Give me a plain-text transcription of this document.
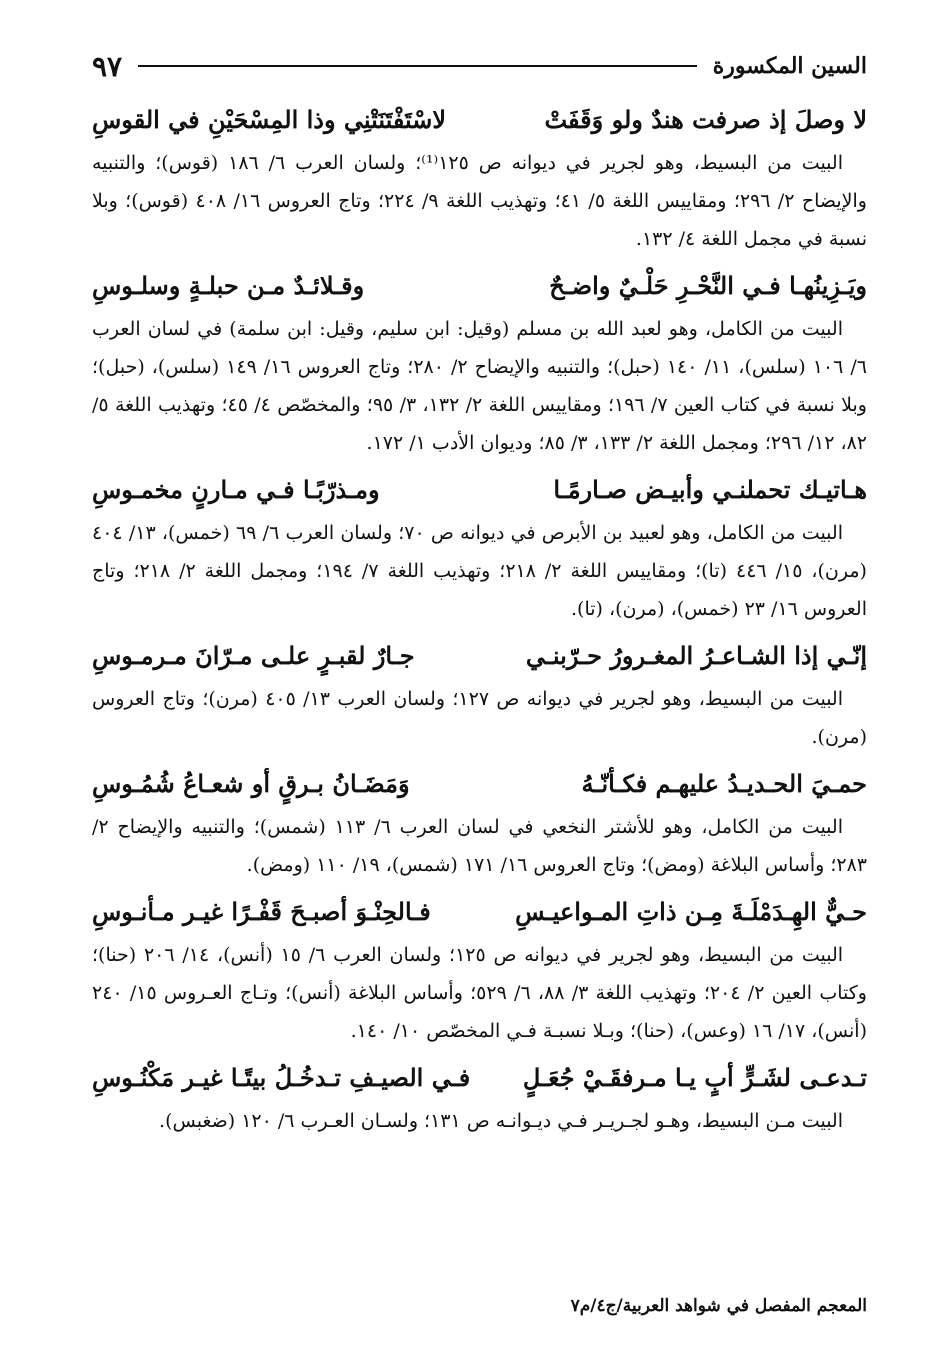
السين المكسورة
٩٧
لا وصلَ إذ صرفت هندٌ ولو وَقَفَتْ
لاسْتَفْتَنَتْنِي وذا المِسْحَيْنِ في القوسِ

البيت من البسيط، وهو لجرير في ديوانه ص ١٢٥⁽¹⁾؛ ولسان العرب ٦/ ١٨٦ (قوس)؛ والتنبيه والإيضاح ٢/ ٢٩٦؛ ومقاييس اللغة ٥/ ٤١؛ وتهذيب اللغة ٩/ ٢٢٤؛ وتاج العروس ١٦/ ٤٠٨ (قوس)؛ وبلا نسبة في مجمل اللغة ٤/ ١٣٢.

ويَـزِينُهـا فـي النَّحْـرِ حَلْـيٌ واضـحٌ
وقـلائـدٌ مـن حبلـةٍ وسلـوسِ

البيت من الكامل، وهو لعبد الله بن مسلم (وقيل: ابن سليم، وقيل: ابن سلمة) في لسان العرب ٦/ ١٠٦ (سلس)، ١١/ ١٤٠ (حبل)؛ والتنبيه والإيضاح ٢/ ٢٨٠؛ وتاج العروس ١٦/ ١٤٩ (سلس)، (حبل)؛ وبلا نسبة في كتاب العين ٧/ ١٩٦؛ ومقاييس اللغة ٢/ ١٣٢، ٣/ ٩٥؛ والمخصّص ٤/ ٤٥؛ وتهذيب اللغة ٥/ ٨٢، ١٢/ ٢٩٦؛ ومجمل اللغة ٢/ ١٣٣، ٣/ ٨٥؛ وديوان الأدب ١/ ١٧٢.

هـاتيـك تحملنـي وأبيـض صـارمًـا
ومـذرّبًـا فـي مـارنٍ مخمـوسِ

البيت من الكامل، وهو لعبيد بن الأبرص في ديوانه ص ٧٠؛ ولسان العرب ٦/ ٦٩ (خمس)، ١٣/ ٤٠٤ (مرن)، ١٥/ ٤٤٦ (تا)؛ ومقاييس اللغة ٢/ ٢١٨؛ وتهذيب اللغة ٧/ ١٩٤؛ ومجمل اللغة ٢/ ٢١٨؛ وتاج العروس ١٦/ ٢٣ (خمس)، (مرن)، (تا).

إنّـي إذا الشـاعـرُ المغـرورُ حـرّبنـي
جـارٌ لقبـرٍ علـى مـرّانَ مـرمـوسِ

البيت من البسيط، وهو لجرير في ديوانه ص ١٢٧؛ ولسان العرب ١٣/ ٤٠٥ (مرن)؛ وتاج العروس (مرن).

حمـيَ الحـديـدُ عليهـم فكـأنّـهُ
وَمَضَـانُ بـرقٍ أو شعـاعُ شُمُـوسِ

البيت من الكامل، وهو للأشتر النخعي في لسان العرب ٦/ ١١٣ (شمس)؛ والتنبيه والإيضاح ٢/ ٢٨٣؛ وأساس البلاغة (ومض)؛ وتاج العروس ١٦/ ١٧١ (شمس)، ١٩/ ١١٠ (ومض).

حـيٌّ الهِـدَمْلَـةَ مِـن ذاتِ المـواعيـسِ
فـالحِنْـوَ أصبـحَ قَفْـرًا غيـر مـأنـوسِ

البيت من البسيط، وهو لجرير في ديوانه ص ١٢٥؛ ولسان العرب ٦/ ١٥ (أنس)، ١٤/ ٢٠٦ (حنا)؛ وكتاب العين ٢/ ٢٠٤؛ وتهذيب اللغة ٣/ ٨٨، ٦/ ٥٢٩؛ وأساس البلاغة (أنس)؛ وتـاج العـروس ١٥/ ٢٤٠ (أنس)، ١٧/ ١٦ (وعس)، (حنا)؛ وبـلا نسبـة فـي المخصّص ١٠/ ١٤٠.

تـدعـى لشَـرٍّ أبٍ يـا مـرفقَـيْ جُعَـلٍ
فـي الصيـفِ تـدخُـلُ بيتًـا غيـر مَكْنُـوسِ

البيت مـن البسيط، وهـو لجـريـر فـي ديـوانـه ص ١٣١؛ ولسـان العـرب ٦/ ١٢٠ (ضغبس).

المعجم المفصل في شواهد العربية/ج٤/م٧
